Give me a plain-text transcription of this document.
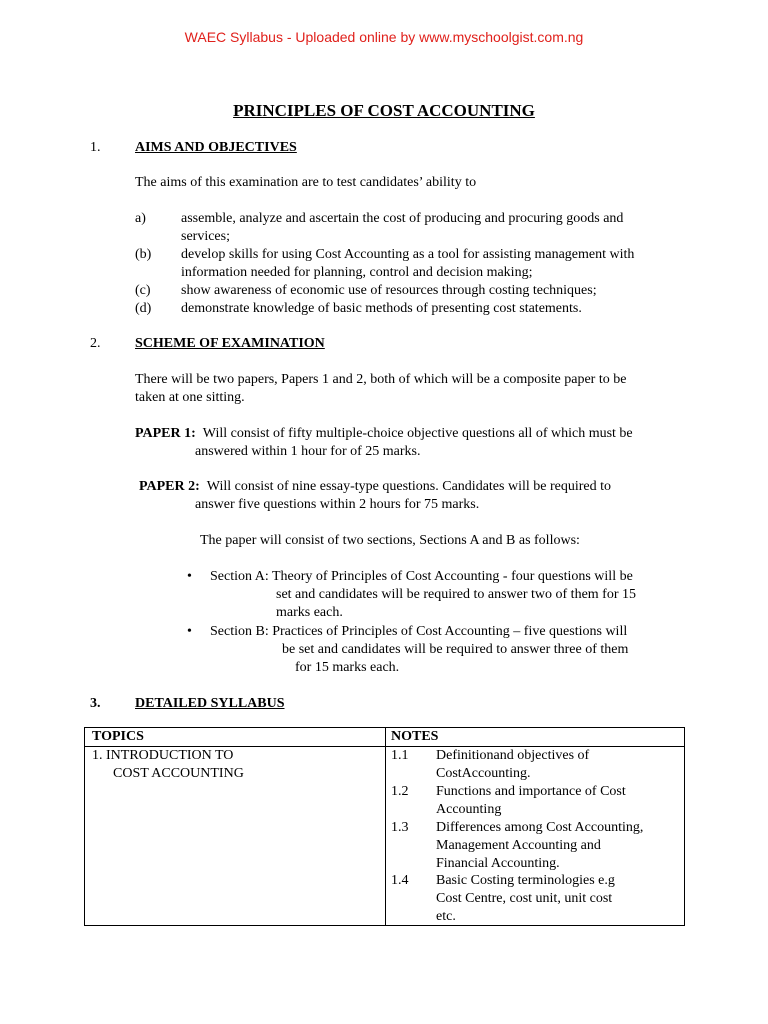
WAEC Syllabus - Uploaded online by www.myschoolgist.com.ng
PRINCIPLES OF COST ACCOUNTING
1. AIMS AND OBJECTIVES
The aims of this examination are to test candidates’ ability to
a)	assemble, analyze and ascertain the cost of producing and procuring goods and
services;
(b) develop skills for using Cost Accounting as a tool for assisting management with
information needed for planning, control and decision making;
(c) show awareness of economic use of resources through costing techniques;
(d) demonstrate knowledge of basic methods of presenting cost statements.
2. SCHEME OF EXAMINATION
There will be two papers, Papers 1 and 2, both of which will be a composite paper to be
taken at one sitting.
PAPER 1: Will consist of fifty multiple-choice objective questions all of which must be
answered within 1 hour for of 25 marks.
PAPER 2: Will consist of nine essay-type questions. Candidates will be required to
answer five questions within 2 hours for 75 marks.
The paper will consist of two sections, Sections A and B as follows:
• Section A: Theory of Principles of Cost Accounting - four questions will be
set and candidates will be required to answer two of them for 15
marks each.
• Section B: Practices of Principles of Cost Accounting – five questions will
be set and candidates will be required to answer three of them
for 15 marks each.
3. DETAILED SYLLABUS
TOPICS	NOTES
1. INTRODUCTION TO
COST ACCOUNTING
1.1 Definitionand objectives of
CostAccounting.
1.2 Functions and importance of Cost
Accounting
1.3 Differences among Cost Accounting,
Management Accounting and
Financial Accounting.
1.4 Basic Costing terminologies e.g
Cost Centre, cost unit, unit cost
etc.
